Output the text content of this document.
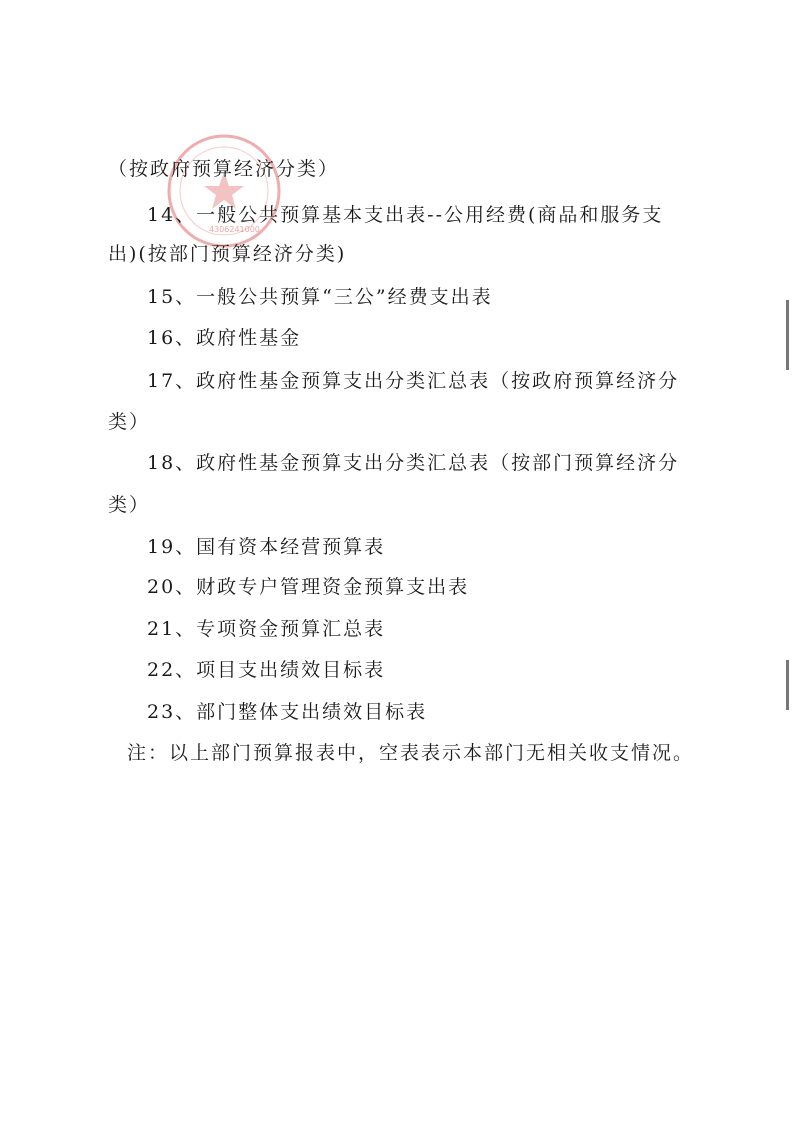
4306241000
（按政府预算经济分类）
14、一般公共预算基本支出表--公用经费(商品和服务支
出)(按部门预算经济分类)
15、一般公共预算“三公”经费支出表
16、政府性基金
17、政府性基金预算支出分类汇总表（按政府预算经济分
类）
18、政府性基金预算支出分类汇总表（按部门预算经济分
类）
19、国有资本经营预算表
20、财政专户管理资金预算支出表
21、专项资金预算汇总表
22、项目支出绩效目标表
23、部门整体支出绩效目标表
注：以上部门预算报表中，空表表示本部门无相关收支情况。
